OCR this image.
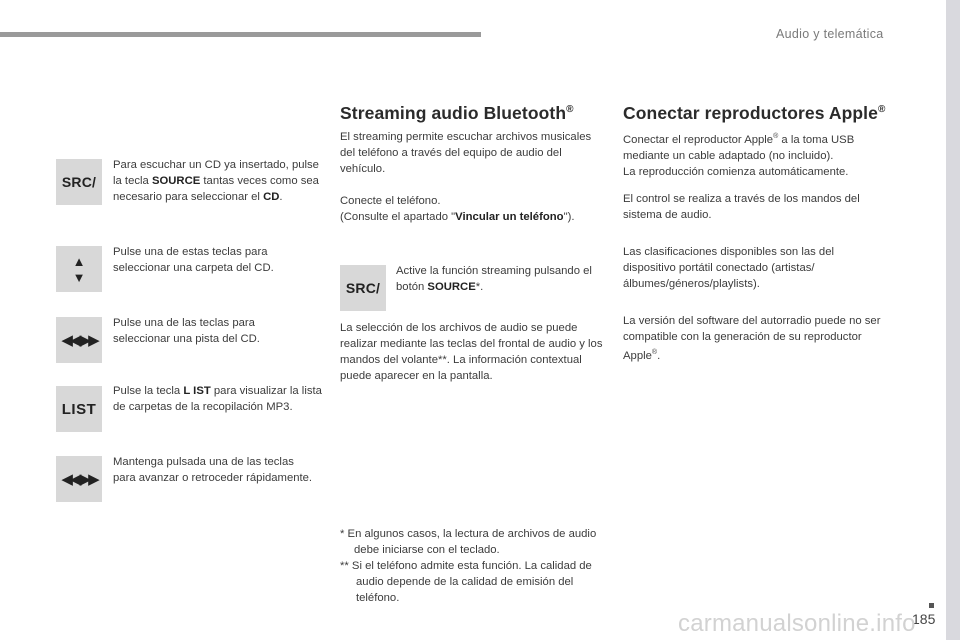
Audio y telemática
185
carmanualsonline.info
SRC/
Para escuchar un CD ya insertado, pulse la tecla SOURCE tantas veces como sea necesario para seleccionar el CD.
▲
▼
Pulse una de estas teclas para seleccionar una carpeta del CD.
◀◀ ▶▶
Pulse una de las teclas para seleccionar una pista del CD.
LIST
Pulse la tecla L IST para visualizar la lista de carpetas de la recopilación MP3.
◀◀ ▶▶
Mantenga pulsada una de las teclas para avanzar o retroceder rápidamente.
Streaming audio Bluetooth®
El streaming permite escuchar archivos musicales del teléfono a través del equipo de audio del vehículo.
Conecte el teléfono.
(Consulte el apartado "Vincular un teléfono").
SRC/
Active la función streaming pulsando el botón SOURCE*.
La selección de los archivos de audio se puede realizar mediante las teclas del frontal de audio y los mandos del volante**. La información contextual puede aparecer en la pantalla.
* En algunos casos, la lectura de archivos de audio debe iniciarse con el teclado.
** Si el teléfono admite esta función. La calidad de audio depende de la calidad de emisión del teléfono.
Conectar reproductores Apple®
Conectar el reproductor Apple® a la toma USB mediante un cable adaptado (no incluido).
La reproducción comienza automáticamente.
El control se realiza a través de los mandos del sistema de audio.
Las clasificaciones disponibles son las del dispositivo portátil conectado (artistas/ álbumes/géneros/playlists).
La versión del software del autorradio puede no ser compatible con la generación de su reproductor Apple®.
